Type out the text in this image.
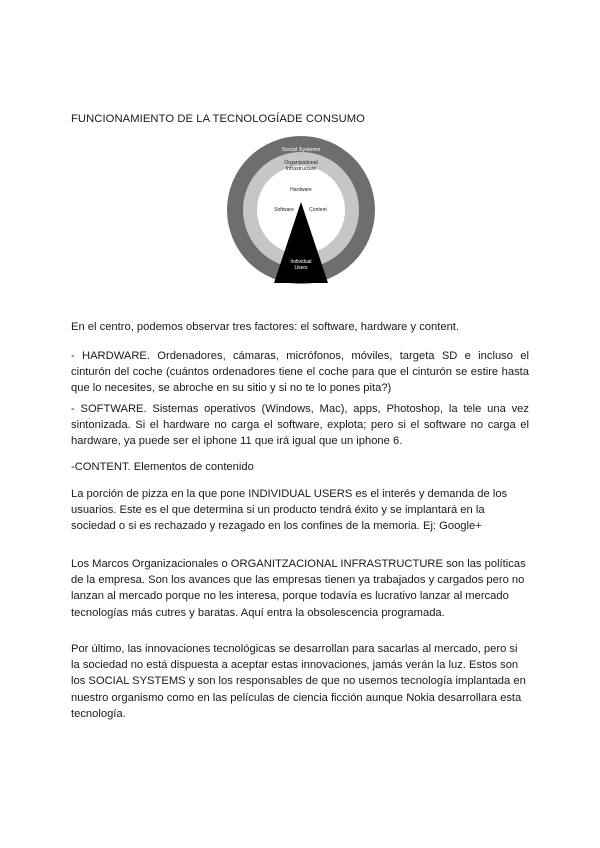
FUNCIONAMIENTO DE LA TECNOLOGÍADE CONSUMO
Social Systems
Organizational
Infrastructure
Hardware
Software	Content
Individual
Users

En el centro, podemos observar tres factores: el software, hardware y content.

- HARDWARE. Ordenadores, cámaras, micrófonos, móviles, targeta SD e incluso el cinturón del coche (cuántos ordenadores tiene el coche para que el cinturón se estire hasta que lo necesites, se abroche en su sitio y si no te lo pones pita?)

- SOFTWARE. Sistemas operativos (Windows, Mac), apps, Photoshop, la tele una vez sintonizada. Si el hardware no carga el software, explota; pero si el software no carga el hardware, ya puede ser el iphone 11 que irá igual que un iphone 6.

-CONTENT. Elementos de contenido

La porción de pizza en la que pone INDIVIDUAL USERS es el interés y demanda de los usuarios. Este es el que determina si un producto tendrá éxito y se implantará en la sociedad o si es rechazado y rezagado en los confines de la memoria. Ej: Google+

Los Marcos Organizacionales o ORGANITZACIONAL INFRASTRUCTURE son las políticas de la empresa. Son los avances que las empresas tienen ya trabajados y cargados pero no lanzan al mercado porque no les interesa, porque todavía es lucrativo lanzar al mercado tecnologías más cutres y baratas. Aquí entra la obsolescencia programada.

Por último, las innovaciones tecnológicas se desarrollan para sacarlas al mercado, pero si la sociedad no está dispuesta a aceptar estas innovaciones, jamás verán la luz. Estos son los SOCIAL SYSTEMS y son los responsables de que no usemos tecnología implantada en nuestro organismo como en las películas de ciencia ficción aunque Nokia desarrollara esta tecnología.
